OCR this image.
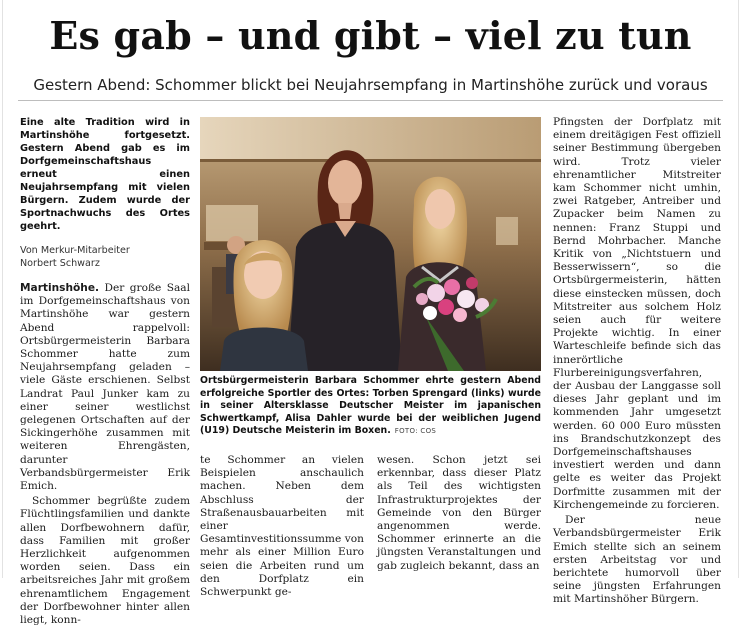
Es gab – und gibt – viel zu tun
Gestern Abend: Schommer blickt bei Neujahrsempfang in Martinshöhe zurück und voraus

Eine alte Tradition wird in Martinshöhe fortgesetzt. Gestern Abend gab es im Dorfgemeinschaftshaus erneut einen Neujahrsempfang mit vielen Bürgern. Zudem wurde der Sportnachwuchs des Ortes geehrt.

Von Merkur-Mitarbeiter
Norbert Schwarz

Martinshöhe. Der große Saal im Dorfgemeinschaftshaus von Martinshöhe war gestern Abend rappelvoll: Ortsbürgermeisterin Barbara Schommer hatte zum Neujahrsempfang geladen – viele Gäste erschienen. Selbst Landrat Paul Junker kam zu einer seiner westlichst gelegenen Ortschaften auf der Sickingerhöhe zusammen mit weiteren Ehrengästen, darunter Verbandsbürgermeister Erik Emich.

Schommer begrüßte zudem Flüchtlingsfamilien und dankte allen Dorfbewohnern dafür, dass Familien mit großer Herzlichkeit aufgenommen worden seien. Dass ein arbeitsreiches Jahr mit großem ehrenamtlichem Engagement der Dorfbewohner hinter allen liegt, konn-

Ortsbürgermeisterin Barbara Schommer ehrte gestern Abend erfolgreiche Sportler des Ortes: Torben Sprengard (links) wurde in seiner Altersklasse Deutscher Meister im japanischen Schwertkampf, Alisa Dahler wurde bei der weiblichen Jugend (U19) Deutsche Meisterin im Boxen. FOTO: COS

te Schommer an vielen Beispielen anschaulich machen. Neben dem Abschluss der Straßenausbauarbeiten mit einer Gesamtinvestitionssumme von mehr als einer Million Euro seien die Arbeiten rund um den Dorfplatz ein Schwerpunkt ge-

wesen. Schon jetzt sei erkennbar, dass dieser Platz als Teil des wichtigsten Infrastrukturprojektes der Gemeinde von den Bürger angenommen werde. Schommer erinnerte an die jüngsten Veranstaltungen und gab zugleich bekannt, dass an

Pfingsten der Dorfplatz mit einem dreitägigen Fest offiziell seiner Bestimmung übergeben wird. Trotz vieler ehrenamtlicher Mitstreiter kam Schommer nicht umhin, zwei Ratgeber, Antreiber und Zupacker beim Namen zu nennen: Franz Stuppi und Bernd Mohrbacher. Manche Kritik von „Nichtstuern und Besserwissern“, so die Ortsbürgermeisterin, hätten diese einstecken müssen, doch Mitstreiter aus solchem Holz seien auch für weitere Projekte wichtig. In einer Warteschleife befinde sich das innerörtliche Flurbereinigungsverfahren, der Ausbau der Langgasse soll dieses Jahr geplant und im kommenden Jahr umgesetzt werden. 60 000 Euro müssten ins Brandschutzkonzept des Dorfgemeinschaftshauses investiert werden und dann gelte es weiter das Projekt Dorfmitte zusammen mit der Kirchengemeinde zu forcieren.

Der neue Verbandsbürgermeister Erik Emich stellte sich an seinem ersten Arbeitstag vor und berichtete humorvoll über seine jüngsten Erfahrungen mit Martinshöher Bürgern.
